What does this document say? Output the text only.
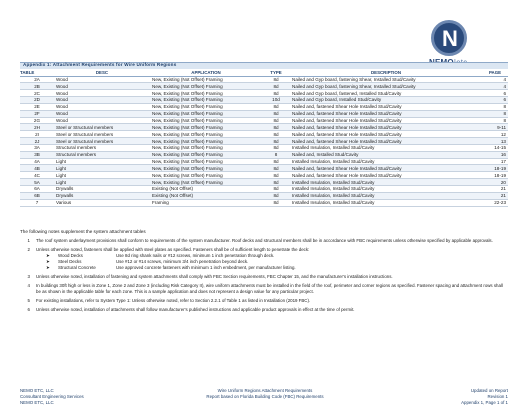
N
Appendix 1: Attachment Requirements for Wire Uniform Regions
TABLE	DESC	APPLICATION	TYPE	DESCRIPTION	PAGE
2A	Wood	New, Existing (Not Offset) Framing	8d	Nailed and Gyp board, fastening Shear, Installed Stud/Cavity	4
2B	Wood	New, Existing (Not Offset) Framing	8d	Nailed and Gyp board, fastening Shear, Installed Stud/Cavity	4
2C	Wood	New, Existing (Not Offset) Framing	8d	Nailed and Gyp board, fastened, Installed Stud/Cavity	6
2D	Wood	New, Existing (Not Offset) Framing	10d	Nailed and Gyp board, Installed Stud/Cavity	6
2E	Wood	New, Existing (Not Offset) Framing	8d	Nailed and, fastened Shear Hole Installed Stud/Cavity	8
2F	Wood	New, Existing (Not Offset) Framing	8d	Nailed and, fastened Shear Hole Installed Stud/Cavity	8
2G	Wood	New, Existing (Not Offset) Framing	8d	Nailed and, fastened Shear Hole Installed Stud/Cavity	8
2H	Steel or Structural members	New, Existing (Not Offset) Framing	8d	Nailed and, fastened Shear Hole Installed Stud/Cavity	9-11
2I	Steel or Structural members	New, Existing (Not Offset) Framing	8d	Nailed and, fastened Shear Hole Installed Stud/Cavity	12
2J	Steel or Structural members	New, Existing (Not Offset) Framing	8d	Nailed and, fastened Shear Hole Installed Stud/Cavity	13
3A	Structural members	New, Existing (Not Offset) Framing	8d	Installed Insulation, Installed Stud/Cavity	14-15
3B	Structural members	New, Existing (Not Offset) Framing	8	Nailed and, Installed Stud/Cavity	16
4A	Light	New, Existing (Not Offset) Framing	8d	Installed Insulation, Installed Stud/Cavity	17
4B	Light	New, Existing (Not Offset) Framing	8d	Nailed and, fastened Shear Hole Installed Stud/Cavity	18-19
4C	Light	New, Existing (Not Offset) Framing	8d	Nailed and, fastened Shear Hole Installed Stud/Cavity	18-19
5A	Light	New, Existing (Not Offset) Framing	8d	Installed Insulation, Installed Stud/Cavity	20
6A	Drywalls	Existing (Not Offset)	8d	Installed Insulation, Installed Stud/Cavity	21
6B	Drywalls	Existing (Not Offset)	8d	Installed Insulation, Installed Stud/Cavity	21
7	Various	Framing	8d	Installed Insulation, Installed Stud/Cavity	22-23
The following notes supplement the system attachment tables
1 The roof system underlayment provisions shall conform to requirements of the system manufacturer. Roof decks and structural members shall be in accordance with FBC requirements unless otherwise specified by applicable approvals.
2 Unless otherwise noted, fasteners shall be applied with steel plates as specified. Fasteners shall be of sufficient length to penetrate the deck:
➤ Wood Decks	Use 8d ring shank nails or #12 screws, minimum 1 inch penetration through deck.
➤ Steel Decks	Use #12 or #14 screws, minimum 3/4 inch penetration beyond deck.
➤ Structural Concrete	Use approved concrete fasteners with minimum 1 inch embedment, per manufacturer listing.
3 Unless otherwise noted, installation of fastening and system attachments shall comply with FBC Section requirements, FBC Chapter 15, and the manufacturer's installation instructions.
4 In buildings 30ft high or less in Zone 1, Zone 2 and Zone 3 (including Risk Category II), wire uniform attachments must be installed in the field of the roof, perimeter and corner regions as specified. Fastener spacing and attachment rows shall be as shown in the applicable table for each zone. This is a sample application and does not represent a design value for any particular project.
5 For existing installations, refer to System Type 1: Unless otherwise noted, refer to Section 2.2.1 of Table 1 as listed in Installation (2019 FBC).
6 Unless otherwise noted, installation of attachments shall follow manufacturer's published instructions and applicable product approvals in effect at the time of permit.
NEMO ETC, LLC
Consultant Engineering Services
NEMO ETC, LLC
Wire Uniform Regions Attachment Requirements
Report based on Florida Building Code (FBC) Requirements
Updated on Report
Revision 1
Appendix 1, Page 1 of 1
